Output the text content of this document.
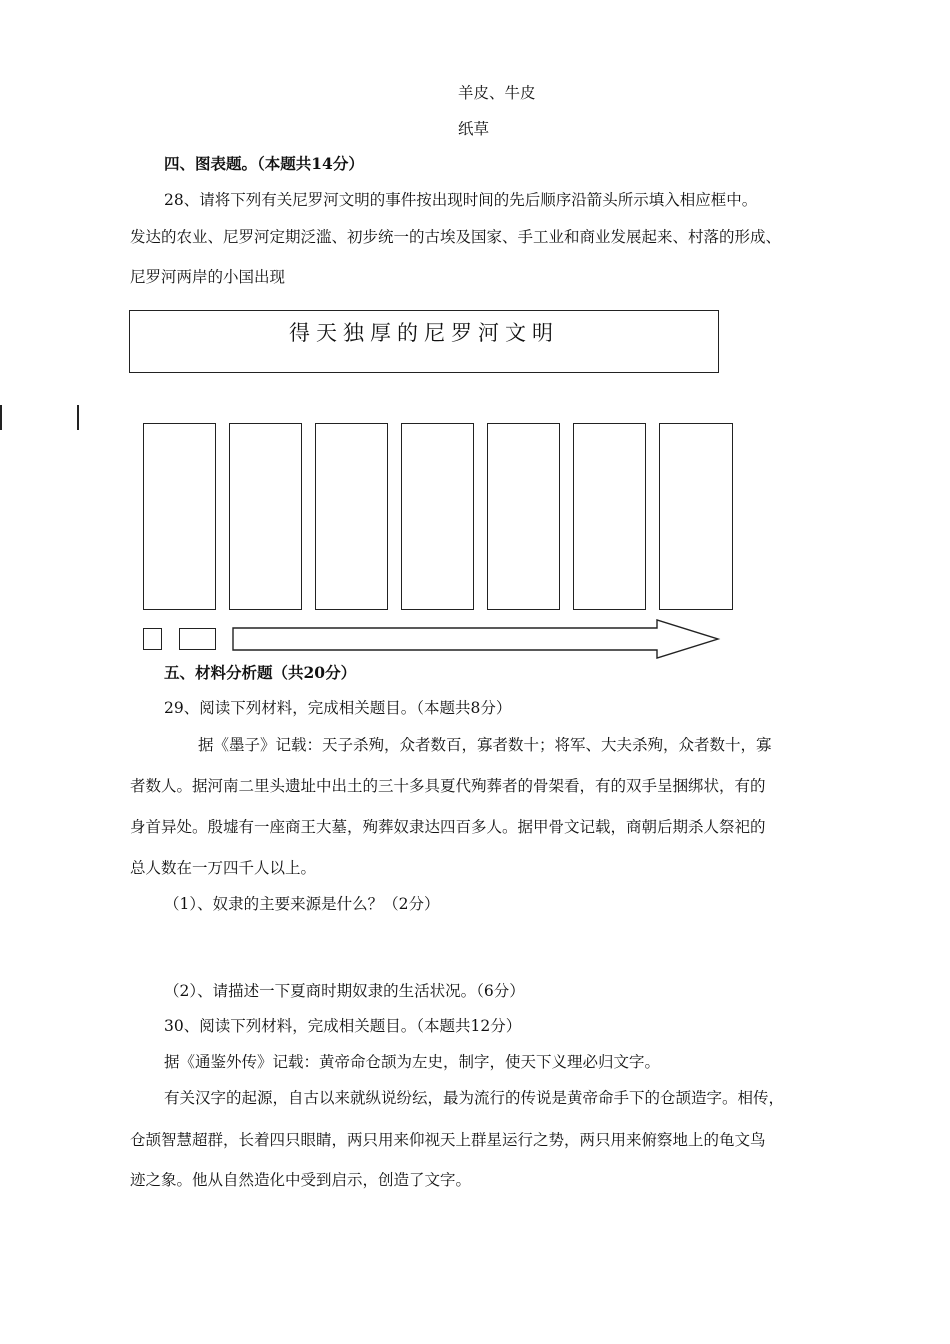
羊皮、牛皮
纸草
四、图表题。（本题共14分）
28、请将下列有关尼罗河文明的事件按出现时间的先后顺序沿箭头所示填入相应框中。
发达的农业、尼罗河定期泛滥、初步统一的古埃及国家、手工业和商业发展起来、村落的形成、
尼罗河两岸的小国出现
得天独厚的尼罗河文明
五、材料分析题（共20分）
29、阅读下列材料，完成相关题目。（本题共8分）
据《墨子》记载：天子杀殉，众者数百，寡者数十；将军、大夫杀殉，众者数十，寡
者数人。据河南二里头遗址中出土的三十多具夏代殉葬者的骨架看，有的双手呈捆绑状，有的
身首异处。殷墟有一座商王大墓，殉葬奴隶达四百多人。据甲骨文记载，商朝后期杀人祭祀的
总人数在一万四千人以上。
（1）、奴隶的主要来源是什么？（2分）
（2）、请描述一下夏商时期奴隶的生活状况。（6分）
30、阅读下列材料，完成相关题目。（本题共12分）
据《通鉴外传》记载：黄帝命仓颉为左史，制字，使天下义理必归文字。
有关汉字的起源，自古以来就纵说纷纭，最为流行的传说是黄帝命手下的仓颉造字。相传，
仓颉智慧超群，长着四只眼睛，两只用来仰视天上群星运行之势，两只用来俯察地上的龟文鸟
迹之象。他从自然造化中受到启示，创造了文字。
